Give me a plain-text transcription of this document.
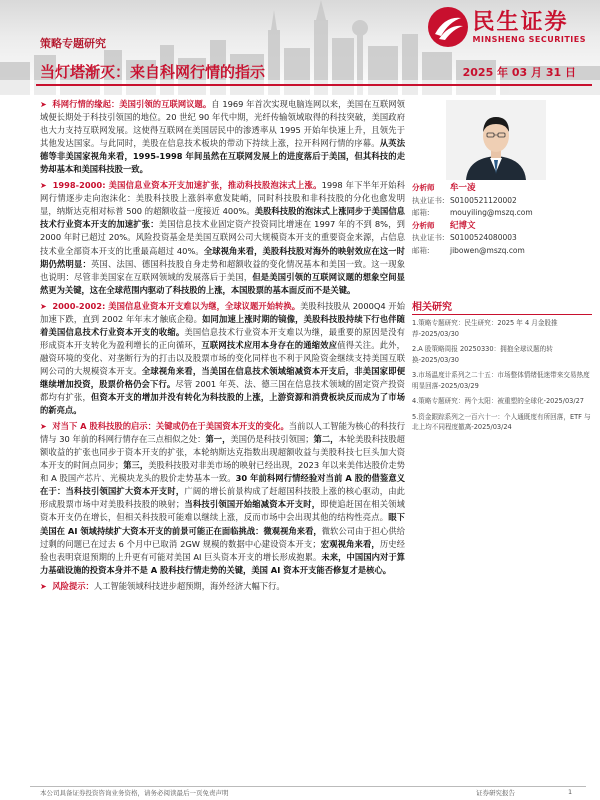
民生证券
MINSHENG SECURITIES
策略专题研究
当灯塔渐灭：来自科网行情的指示	2025 年 03 月 31 日

➤ 科网行情的缘起：美国引领的互联网议题。自 1969 年首次实现电脑连网以来，美国在互联网领域便长期处于科技引领国的地位。20 世纪 90 年代中期，光纤传输领域取得的科技突破，美国政府也大力支持互联网发展。这使得互联网在美国居民中的渗透率从 1995 开始年快速上升，且领先于其他发达国家。与此同时，美股在信息技术板块的带动下持续上涨，拉开科网行情的序幕。从英法德等非美国家视角来看，1995-1998 年间虽然在互联网发展上的进度落后于美国，但其科技的走势却基本和美国科技股一致。

➤ 1998-2000: 美国信息业资本开支加速扩张，推动科技股泡沫式上涨。1998 年下半年开始科网行情逐步走向泡沫化：美股科技股上涨斜率愈发陡峭，同时科技股和非科技股的分化也愈发明显，纳斯达克相对标普 500 的超额收益一度接近 400%。美股科技股的泡沫式上涨同步于美国信息技术行业资本开支的加速扩张：美国信息技术业固定资产投资同比增速在 1997 年的不到 8%，到 2000 年时已超过 20%。风险投资基金是美国互联网公司大规模资本开支的重要资金来源，占信息技术业全部资本开支的比重最高超过 40%。全球视角来看，美股科技股对海外的映射效应在这一时期仍然明显：英国、法国、德国科技股自身走势和超额收益的变化情况基本和美国一致。这一现象也说明：尽管非美国家在互联网领域的发展落后于美国，但是美国引领的互联网议题的想象空间显然更为关键，这在全球范围内驱动了科技股的上涨，本国股票的基本面反而不是关键。

➤ 2000-2002: 美国信息业资本开支难以为继，全球议题开始转换。美股科技股从 2000Q4 开始加速下跌，直到 2002 年年末才触底企稳。如同加速上涨时期的镜像，美股科技股持续下行也伴随着美国信息技术行业资本开支的收缩。美国信息技术行业资本开支难以为继，最重要的原因是没有形成资本开支转化为盈利增长的正向循环，互联网技术应用本身存在的通缩效应值得关注。此外，融资环境的变化、对垄断行为的打击以及股票市场的变化同样也不利于风险资金继续支持美国互联网公司的大规模资本开支。全球视角来看，当美国在信息技术领域缩减资本开支后，非美国家即便继续增加投资，股票价格仍会下行。尽管 2001 年英、法、德三国在信息技术领域的固定资产投资都均有扩张，但资本开支的增加并没有转化为科技股的上涨，上游资源和消费板块反而成为了市场的新亮点。

➤ 对当下 A 股科技股的启示：关键或仍在于美国资本开支的变化。当前以人工智能为核心的科技行情与 30 年前的科网行情存在三点相似之处：第一，美国仍是科技引领国；第二，本轮美股科技股超额收益的扩张也同步于资本开支的扩张，本轮纳斯达克指数出现超额收益与美股科技七巨头加大资本开支的时间点同步；第三，美股科技股对非美市场的映射已经出现，2023 年以来美伟达股价走势和 A 股国产芯片、光模块龙头的股价走势基本一致。30 年前科网行情经验对当前 A 股的借鉴意义在于：当科技引领国扩大资本开支时，广阔的增长前景构成了赶超国科技股上涨的核心驱动，由此形成股票市场中对美股科技股的映射；当科技引领国开始缩减资本开支时，即使追赶国在相关领域资本开支仍在增长，但相关科技股可能难以继续上涨，反而市场中会出现其他的结构性亮点。眼下美国在 AI 领域持续扩大资本开支的前景可能正在面临挑战：微观视角来看，微软公司由于担心供给过剩的问题已在过去 6 个月中已取消 2GW 规模的数据中心建设资本开支；宏观视角来看，历史经验也表明衰退预期的上升更有可能对美国 AI 巨头资本开支的增长形成抱累。未来，中国国内对于算力基础设施的投资本身并不是 A 股科技行情走势的关键，美国 AI 资本开支能否修复才是核心。

➤ 风险提示：人工智能领域科技进步超预期，海外经济大幅下行。

分析师	牟一凌
执业证书: S0100521120002
邮箱:	mouyiling@mszq.com
分析师	纪博文
执业证书: S0100524080003
邮箱:	jibowen@mszq.com
相关研究
1.策略专题研究：民生研究：2025 年 4 月金股推荐-2025/03/30
2.A 股策略周报 20250330：拥抱全球议题的转换-2025/03/30
3.市场温度计系列之二十五：市场整体情绪低迷带来交易热度明显回落-2025/03/29
4.策略专题研究：两个太阳：被重塑的全球化-2025/03/27
5.资金跟踪系列之一百六十一：个人通既度有所回落，ETF 与北上均不同程度撤离-2025/03/24
本公司具备证券投资咨询业务资格，请务必阅读最后一页免责声明	证券研究报告	1
